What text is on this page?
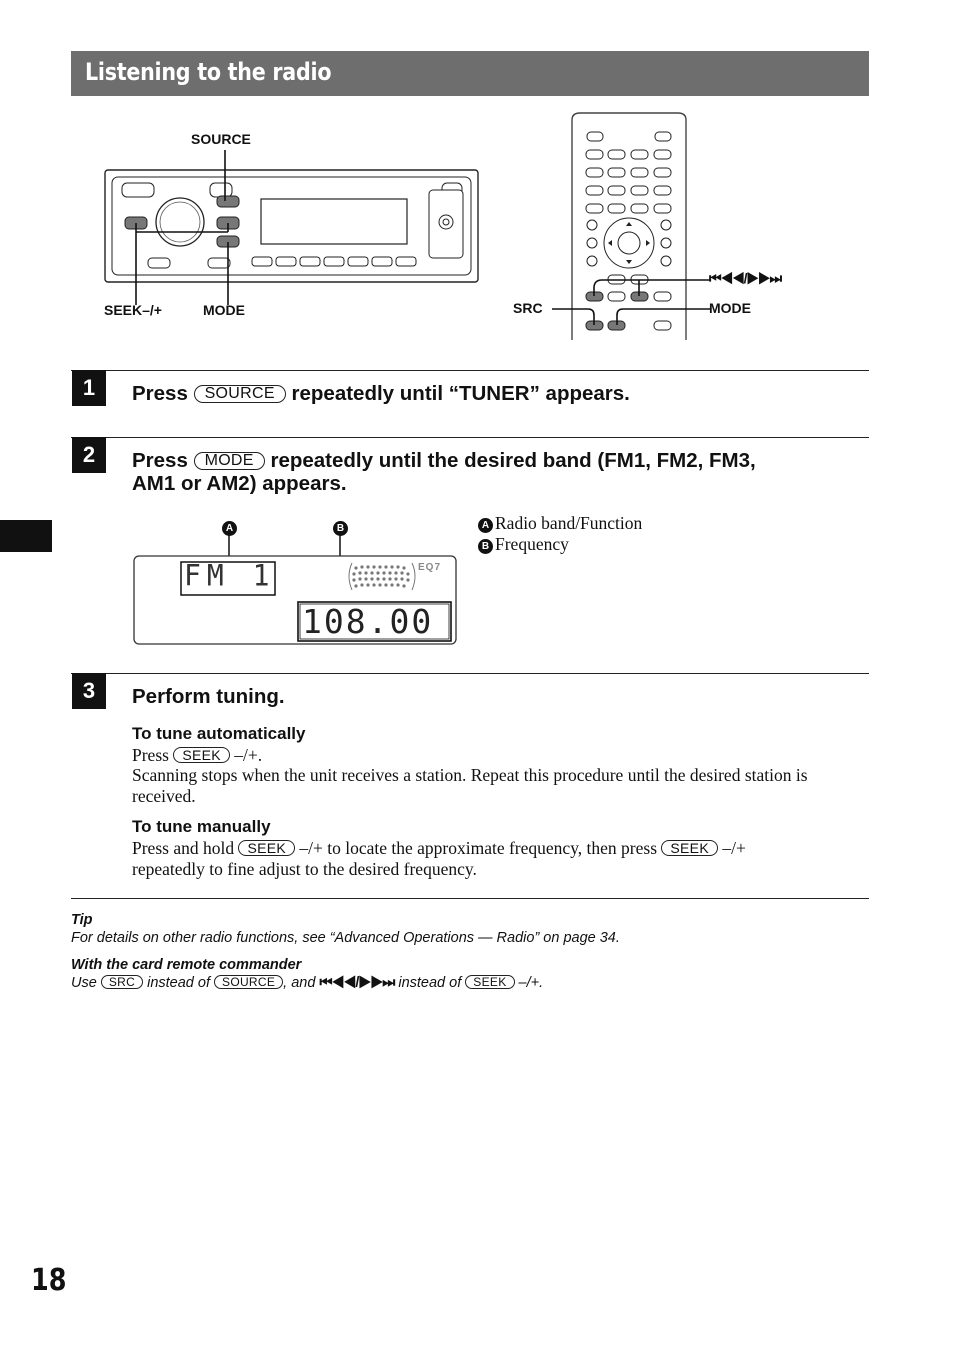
Listening to the radio
SOURCE
SEEK–/+	MODE	SRC	MODE
⏮◀◀/▶▶⏭
1	Press SOURCE repeatedly until “TUNER” appears.
2	Press MODE repeatedly until the desired band (FM1, FM2, FM3,
AM1 or AM2) appears.
A	B
FM 1
108.00
EQ7
A Radio band/Function
B Frequency
3	Perform tuning.
To tune automatically
Press SEEK –/+.
Scanning stops when the unit receives a station. Repeat this procedure until the desired station is received.
To tune manually
Press and hold SEEK –/+ to locate the approximate frequency, then press SEEK –/+
repeatedly to fine adjust to the desired frequency.
Tip
For details on other radio functions, see “Advanced Operations — Radio” on page 34.
With the card remote commander
Use SRC instead of SOURCE , and ⏮◀◀/▶▶⏭ instead of SEEK –/+.
18
